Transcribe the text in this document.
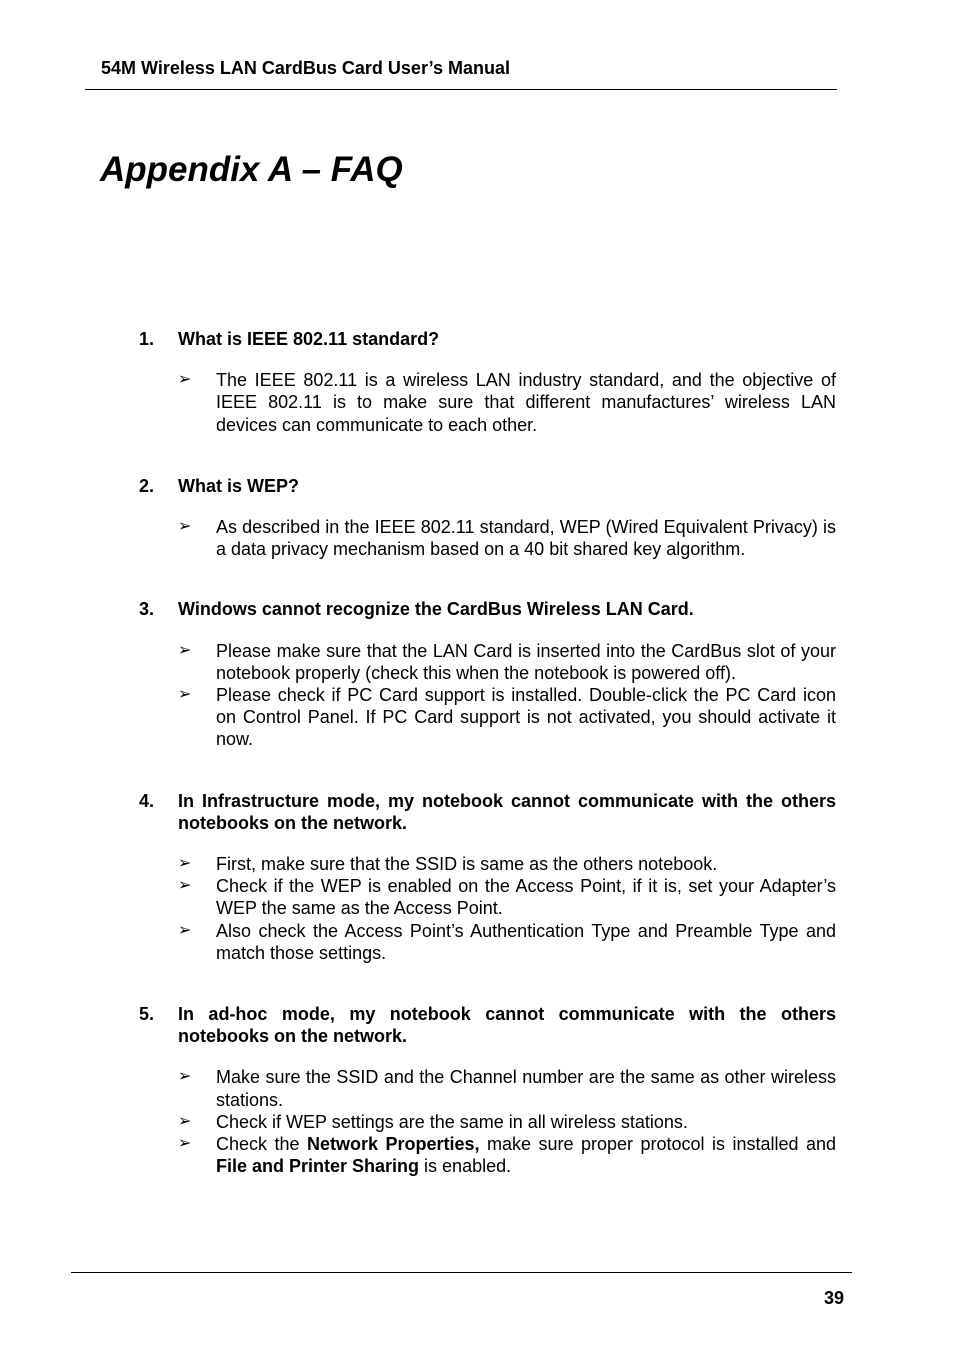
54M Wireless LAN CardBus Card User’s Manual
Appendix A – FAQ
1.	What is IEEE 802.11 standard?
➢	The IEEE 802.11 is a wireless LAN industry standard, and the objective of IEEE 802.11 is to make sure that different manufactures’ wireless LAN devices can communicate to each other.
2.	What is WEP?
➢	As described in the IEEE 802.11 standard, WEP (Wired Equivalent Privacy) is a data privacy mechanism based on a 40 bit shared key algorithm.
3.	Windows cannot recognize the CardBus Wireless LAN Card.
➢	Please make sure that the LAN Card is inserted into the CardBus slot of your notebook properly (check this when the notebook is powered off).
➢	Please check if PC Card support is installed. Double-click the PC Card icon on Control Panel. If PC Card support is not activated, you should activate it now.
4.	In Infrastructure mode, my notebook cannot communicate with the others notebooks on the network.
➢	First, make sure that the SSID is same as the others notebook.
➢	Check if the WEP is enabled on the Access Point, if it is, set your Adapter’s WEP the same as the Access Point.
➢	Also check the Access Point’s Authentication Type and Preamble Type and match those settings.
5.	In ad-hoc mode, my notebook cannot communicate with the others notebooks on the network.
➢	Make sure the SSID and the Channel number are the same as other wireless stations.
➢	Check if WEP settings are the same in all wireless stations.
➢	Check the Network Properties, make sure proper protocol is installed and File and Printer Sharing is enabled.
39
